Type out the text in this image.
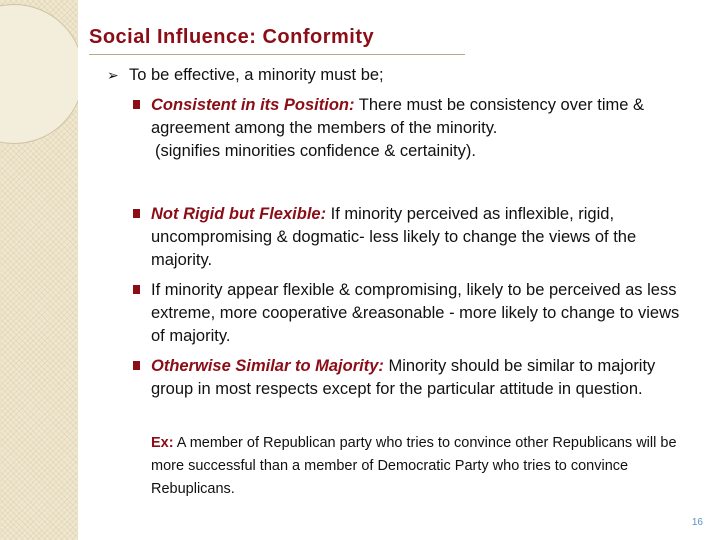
Social Influence: Conformity

➢ To be effective, a minority must be;

Consistent in its Position: There must be consistency over time & agreement among the members of the minority.
(signifies minorities confidence & certainity).

Not Rigid but Flexible: If minority perceived as inflexible, rigid, uncompromising & dogmatic- less likely to change the views of the majority.

If minority appear flexible & compromising, likely to be perceived as less extreme, more cooperative &reasonable - more likely to change to views of majority.

Otherwise Similar to Majority: Minority should be similar to majority group in most respects except for the particular attitude in question.

Ex: A member of Republican party who tries to convince other Republicans will be more successful than a member of Democratic Party who tries to convince Rebuplicans.

16
